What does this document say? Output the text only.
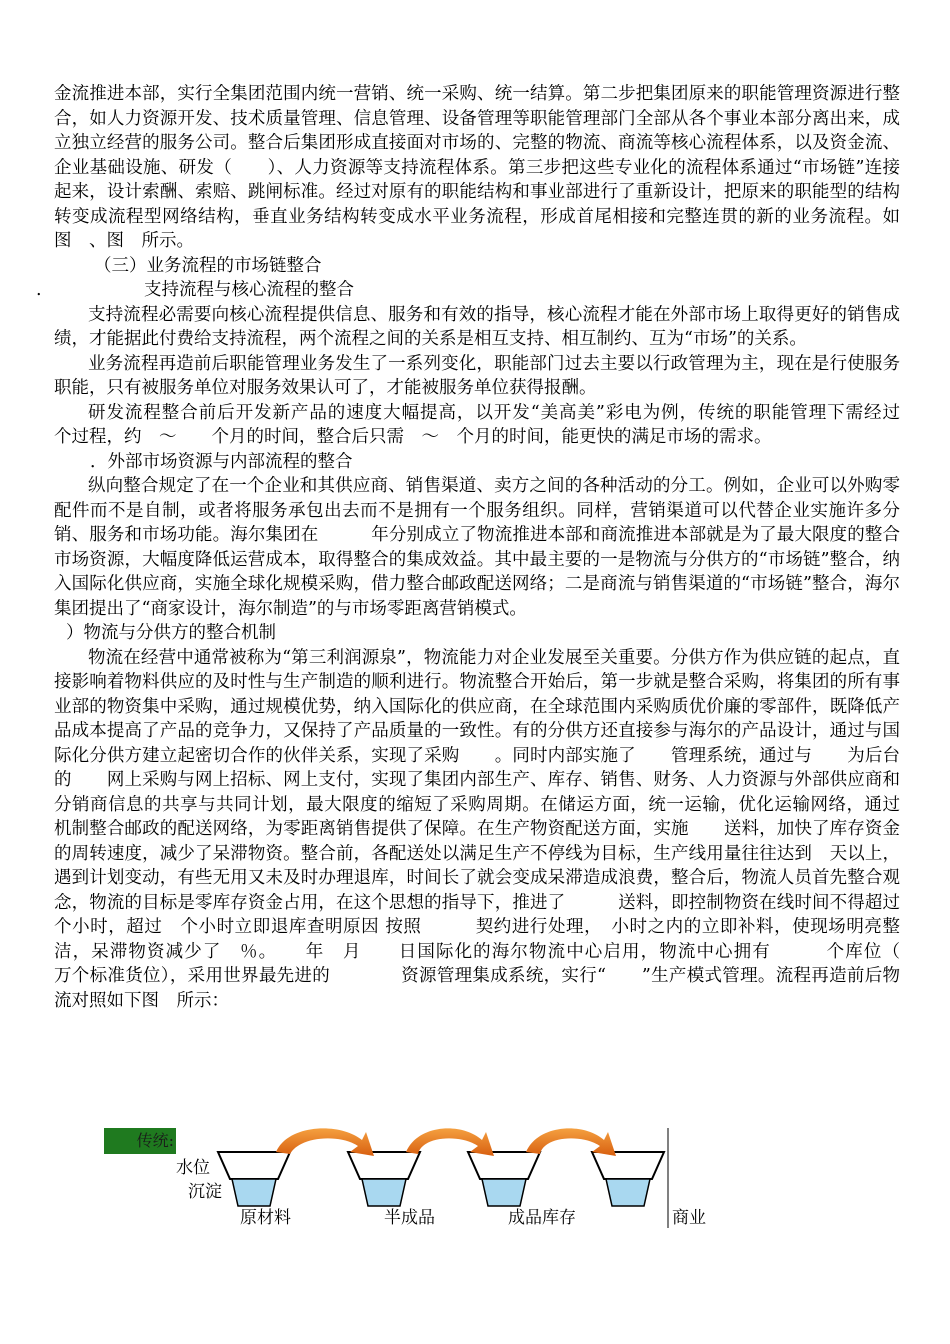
金流推进本部，实行全集团范围内统一营销、统一采购、统一结算。第二步把集团原来的职能管理资源进行整合，如人力资源开发、技术质量管理、信息管理、设备管理等职能管理部门全部从各个事业本部分离出来，成立独立经营的服务公司。整合后集团形成直接面对市场的、完整的物流、商流等核心流程体系，以及资金流、企业基础设施、研发（　　）、人力资源等支持流程体系。第三步把这些专业化的流程体系通过“市场链”连接起来，设计索酬、索赔、跳闸标准。经过对原有的职能结构和事业部进行了重新设计，把原来的职能型的结构转变成流程型网络结构，垂直业务结构转变成水平业务流程，形成首尾相接和完整连贯的新的业务流程。如图　、图　所示。

（三）业务流程的市场链整合

.	支持流程与核心流程的整合

支持流程必需要向核心流程提供信息、服务和有效的指导，核心流程才能在外部市场上取得更好的销售成绩，才能据此付费给支持流程，两个流程之间的关系是相互支持、相互制约、互为“市场”的关系。

业务流程再造前后职能管理业务发生了一系列变化，职能部门过去主要以行政管理为主，现在是行使服务职能，只有被服务单位对服务效果认可了，才能被服务单位获得报酬。

研发流程整合前后开发新产品的速度大幅提高，以开发“美高美”彩电为例，传统的职能管理下需经过　　个过程，约　～　　个月的时间，整合后只需　～　个月的时间，能更快的满足市场的需求。

．外部市场资源与内部流程的整合

纵向整合规定了在一个企业和其供应商、销售渠道、卖方之间的各种活动的分工。例如，企业可以外购零配件而不是自制，或者将服务承包出去而不是拥有一个服务组织。同样，营销渠道可以代替企业实施许多分销、服务和市场功能。海尔集团在　　　年分别成立了物流推进本部和商流推进本部就是为了最大限度的整合市场资源，大幅度降低运营成本，取得整合的集成效益。其中最主要的一是物流与分供方的“市场链”整合，纳入国际化供应商，实施全球化规模采购，借力整合邮政配送网络；二是商流与销售渠道的“市场链”整合，海尔集团提出了“商家设计，海尔制造”的与市场零距离营销模式。

）物流与分供方的整合机制

物流在经营中通常被称为“第三利润源泉”，物流能力对企业发展至关重要。分供方作为供应链的起点，直接影响着物料供应的及时性与生产制造的顺利进行。物流整合开始后，第一步就是整合采购，将集团的所有事业部的物资集中采购，通过规模优势，纳入国际化的供应商，在全球范围内采购质优价廉的零部件，既降低产品成本提高了产品的竞争力，又保持了产品质量的一致性。有的分供方还直接参与海尔的产品设计，通过与国际化分供方建立起密切合作的伙伴关系，实现了采购　　。同时内部实施了　　管理系统，通过与　　为后台的　　网上采购与网上招标、网上支付，实现了集团内部生产、库存、销售、财务、人力资源与外部供应商和分销商信息的共享与共同计划，最大限度的缩短了采购周期。在储运方面，统一运输，优化运输网络，通过　　机制整合邮政的配送网络，为零距离销售提供了保障。在生产物资配送方面，实施　　送料，加快了库存资金的周转速度，减少了呆滞物资。整合前，各配送处以满足生产不停线为目标，生产线用量往往达到　天以上，遇到计划变动，有些无用又未及时办理退库，时间长了就会变成呆滞造成浪费，整合后，物流人员首先整合观念，物流的目标是零库存资金占用，在这个思想的指导下，推进了　　　送料，即控制物资在线时间不得超过　个小时，超过　个小时立即退库查明原因 按照　　　契约进行处理，　小时之内的立即补料，使现场明亮整洁，呆滞物资减少了　％。　　年　月　　日国际化的海尔物流中心启用，物流中心拥有　　　个库位（　　万个标准货位），采用世界最先进的　　　　资源管理集成系统，实行“　　”生产模式管理。流程再造前后物流对照如下图　所示：

传统:
水位
沉淀
原材料	半成品	成品库存	商业
